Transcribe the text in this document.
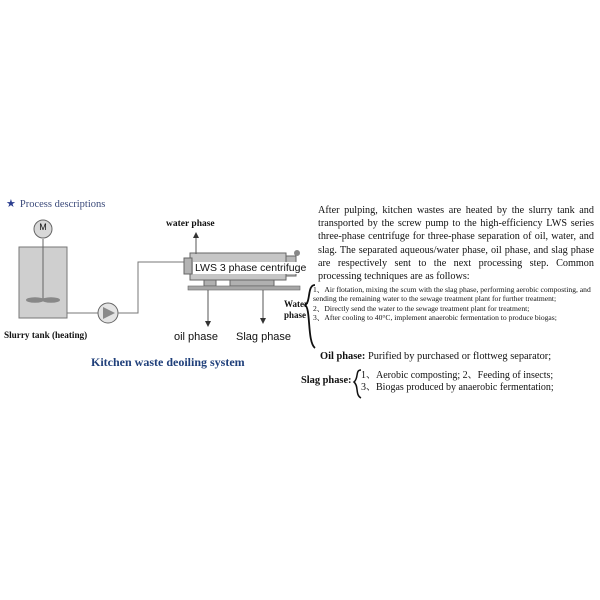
M
★ Process descriptions
water phase
LWS 3 phase centrifuge
Slurry tank (heating)	oil phase Slag phase
Kitchen waste deoiling system
After pulping, kitchen wastes are heated by the slurry tank and transported by the screw pump to the high-efficiency LWS series three-phase centrifuge for three-phase separation of oil, water, and slag. The separated aqueous/water phase, oil phase, and slag phase are respectively sent to the next processing step. Common processing techniques are as follows:
Water phase
1、Air flotation, mixing the scum with the slag phase, performing aerobic composting, and sending the remaining water to the sewage treatment plant for further treatment;
2、Directly send the water to the sewage treatment plant for treatment;
3、After cooling to 40°C, implement anaerobic fermentation to produce biogas;
Oil phase: Purified by purchased or flottweg separator;
Slag phase: 1、Aerobic composting; 2、Feeding of insects;
3、Biogas produced by anaerobic fermentation;
